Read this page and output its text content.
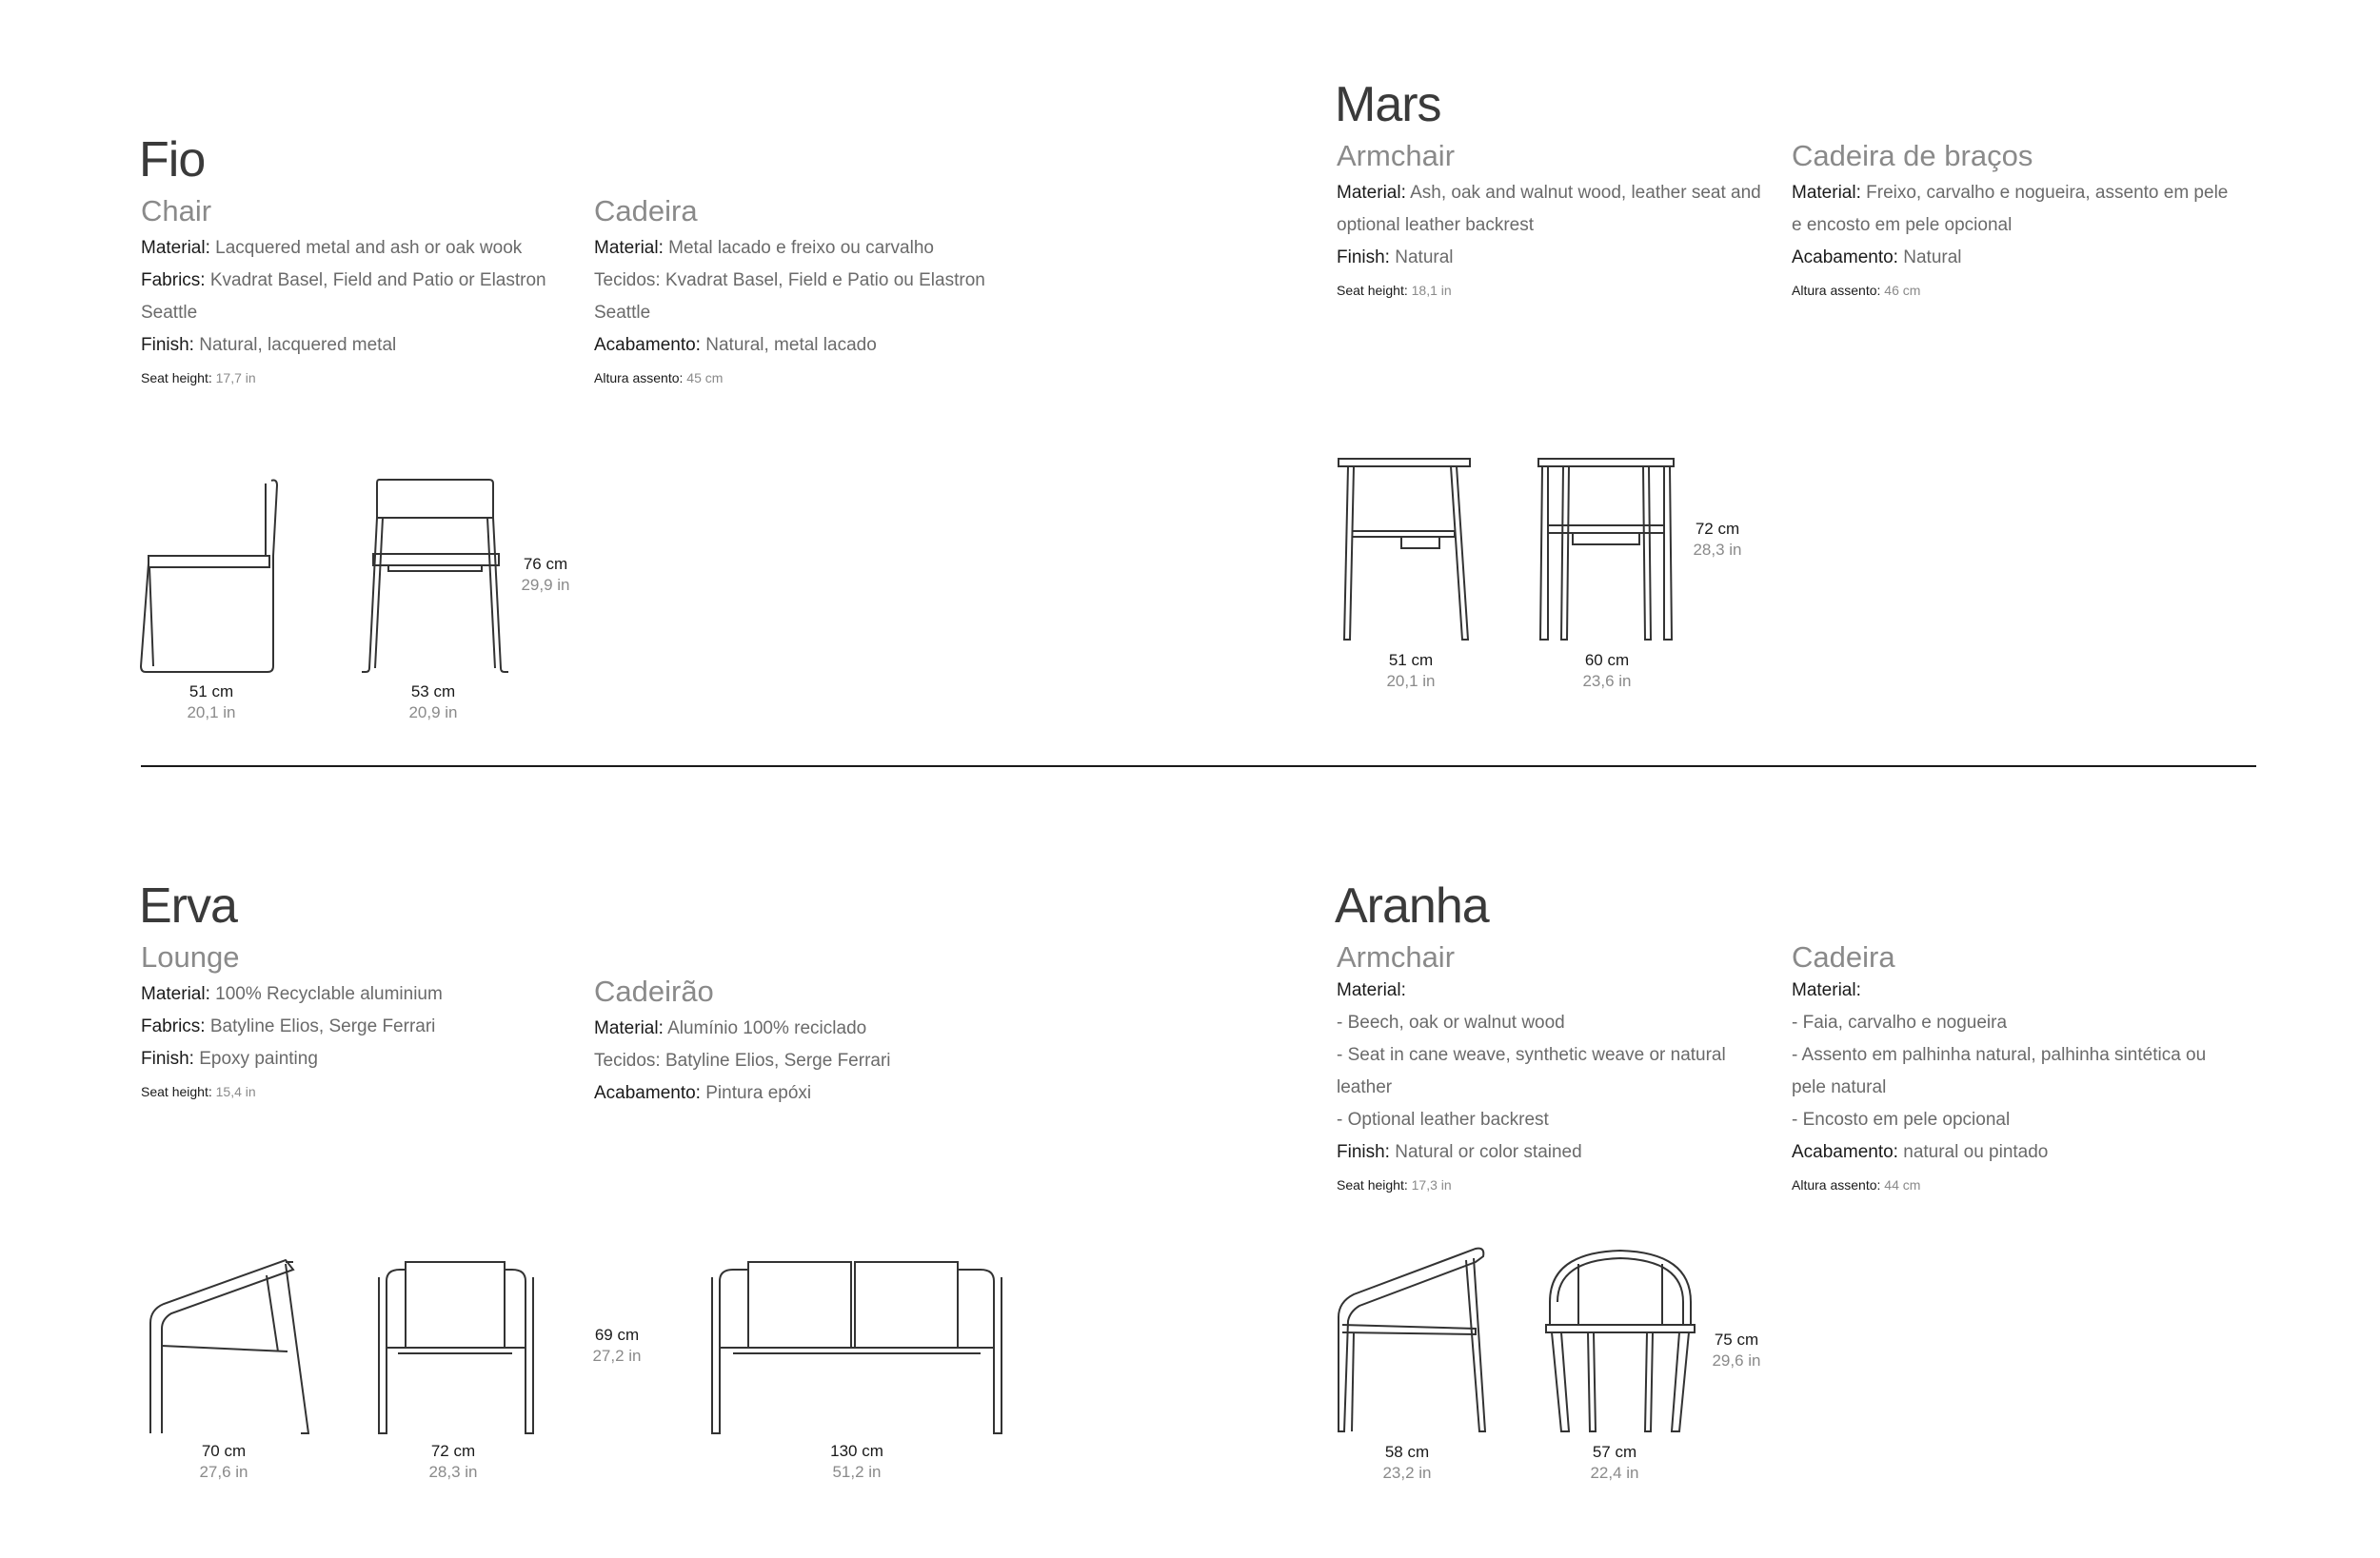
Fio
Chair
Material: Lacquered metal and ash or oak wook
Fabrics: Kvadrat Basel, Field and Patio or Elastron
Seattle
Finish: Natural, lacquered metal
Seat height: 17,7 in
Cadeira
Material: Metal lacado e freixo ou carvalho
Tecidos: Kvadrat Basel, Field e Patio ou Elastron
Seattle
Acabamento: Natural, metal lacado
Altura assento: 45 cm
51 cm
20,1 in
53 cm
20,9 in
76 cm
29,9 in
Mars
Armchair
Material: Ash, oak and walnut wood, leather seat and
optional leather backrest
Finish: Natural
Seat height: 18,1 in
Cadeira de braços
Material: Freixo, carvalho e nogueira, assento em pele
e encosto em pele opcional
Acabamento: Natural
Altura assento: 46 cm
51 cm
20,1 in
60 cm
23,6 in
72 cm
28,3 in
Erva
Lounge
Material: 100% Recyclable aluminium
Fabrics: Batyline Elios, Serge Ferrari
Finish: Epoxy painting
Seat height: 15,4 in
Cadeirão
Material: Alumínio 100% reciclado
Tecidos: Batyline Elios, Serge Ferrari
Acabamento: Pintura epóxi
70 cm
27,6 in
72 cm
28,3 in
69 cm
27,2 in
130 cm
51,2 in
Aranha
Armchair
Material:
- Beech, oak or walnut wood
- Seat in cane weave, synthetic weave or natural
leather
- Optional leather backrest
Finish: Natural or color stained
Seat height: 17,3 in
Cadeira
Material:
- Faia, carvalho e nogueira
- Assento em palhinha natural, palhinha sintética ou
pele natural
- Encosto em pele opcional
Acabamento: natural ou pintado
Altura assento: 44 cm
58 cm
23,2 in
57 cm
22,4 in
75 cm
29,6 in
